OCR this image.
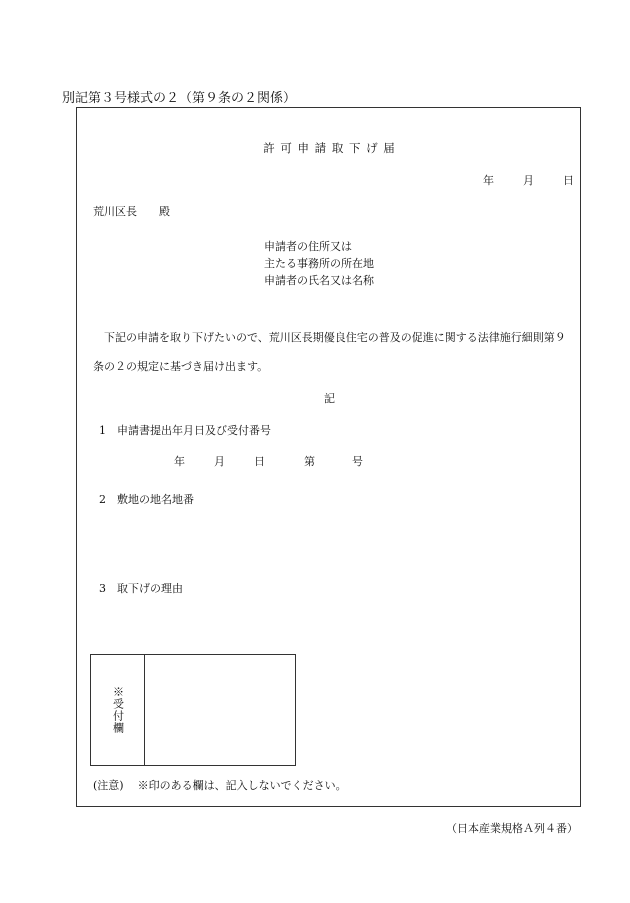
別記第３号様式の２（第９条の２関係）
許 可 申 請 取 下 げ 届
年	月	日
荒川区長 殿
申請者の住所又は
主たる事務所の所在地
申請者の氏名又は名称
下記の申請を取り下げたいので、荒川区長期優良住宅の普及の促進に関する法律施行細則第９条の２の規定に基づき届け出ます。
記
1 申請書提出年月日及び受付番号
年	月	日	第	号
2 敷地の地名地番
3 取下げの理由
※受付欄
(注意) ※印のある欄は、記入しないでください。
（日本産業規格Ａ列４番）
